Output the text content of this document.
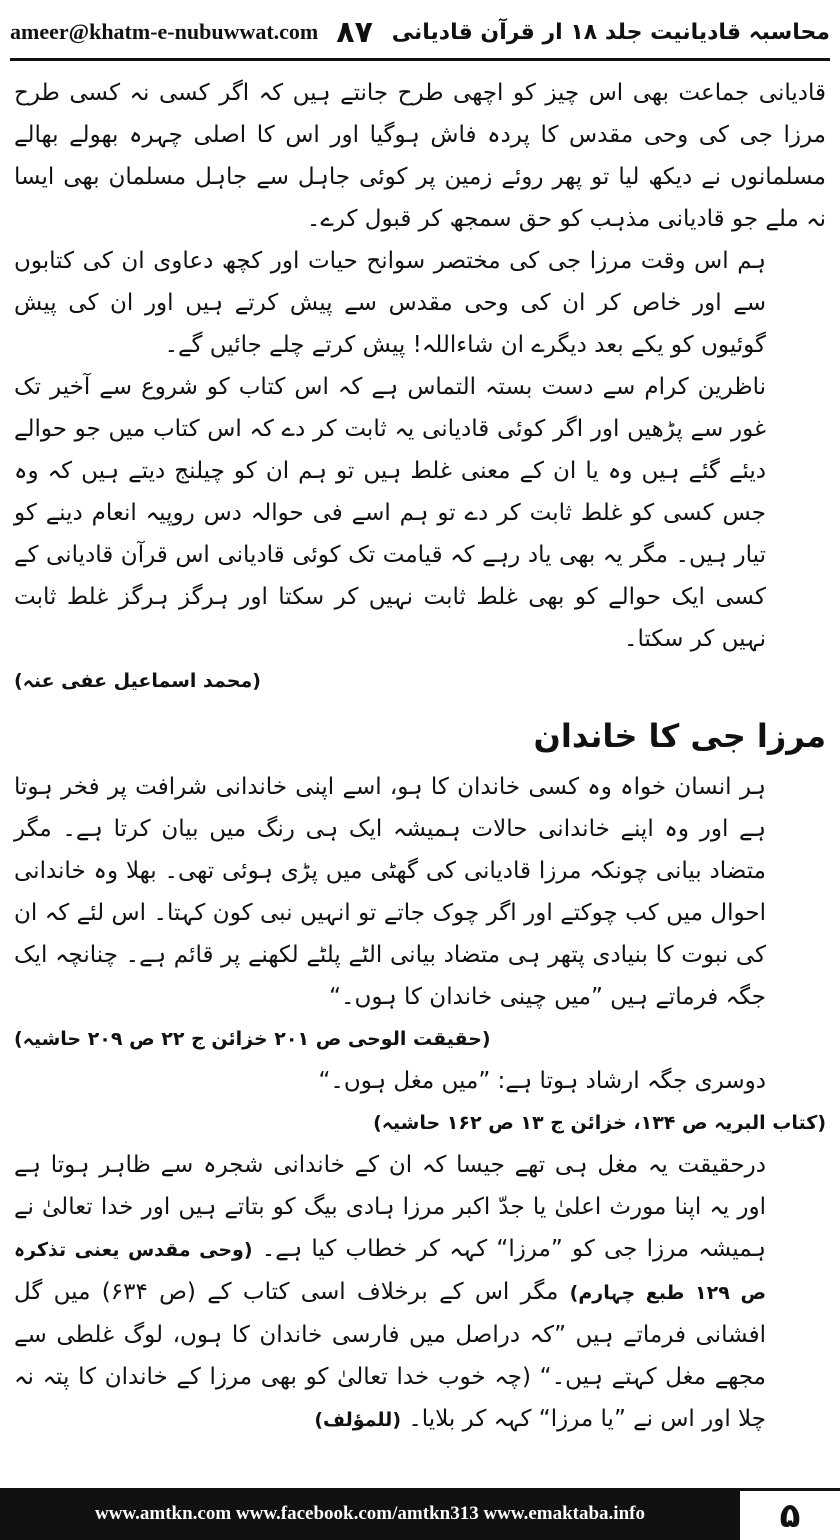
ameer@khatm-e-nubuwwat.com ۸۷ محاسبہ قادیانیت جلد ۱۸ ار قرآن قادیانی

قادیانی جماعت بھی اس چیز کو اچھی طرح جانتے ہیں کہ اگر کسی نہ کسی طرح مرزا جی کی وحی مقدس کا پردہ فاش ہوگیا اور اس کا اصلی چہرہ بھولے بھالے مسلمانوں نے دیکھ لیا تو پھر روئے زمین پر کوئی جاہل سے جاہل مسلمان بھی ایسا نہ ملے جو قادیانی مذہب کو حق سمجھ کر قبول کرے۔

ہم اس وقت مرزا جی کی مختصر سوانح حیات اور کچھ دعاوی ان کی کتابوں سے اور خاص کر ان کی وحی مقدس سے پیش کرتے ہیں اور ان کی پیش گوئیوں کو یکے بعد دیگرے ان شاءاللہ! پیش کرتے چلے جائیں گے۔

ناظرین کرام سے دست بستہ التماس ہے کہ اس کتاب کو شروع سے آخیر تک غور سے پڑھیں اور اگر کوئی قادیانی یہ ثابت کر دے کہ اس کتاب میں جو حوالے دیئے گئے ہیں وہ یا ان کے معنی غلط ہیں تو ہم ان کو چیلنج دیتے ہیں کہ وہ جس کسی کو غلط ثابت کر دے تو ہم اسے فی حوالہ دس روپیہ انعام دینے کو تیار ہیں۔ مگر یہ بھی یاد رہے کہ قیامت تک کوئی قادیانی اس قرآن قادیانی کے کسی ایک حوالے کو بھی غلط ثابت نہیں کر سکتا اور ہرگز ہرگز غلط ثابت نہیں کر سکتا۔

(محمد اسماعیل عفی عنہ)
مرزا جی کا خاندان

ہر انسان خواہ وہ کسی خاندان کا ہو، اسے اپنی خاندانی شرافت پر فخر ہوتا ہے اور وہ اپنے خاندانی حالات ہمیشہ ایک ہی رنگ میں بیان کرتا ہے۔ مگر متضاد بیانی چونکہ مرزا قادیانی کی گھٹی میں پڑی ہوئی تھی۔ بھلا وہ خاندانی احوال میں کب چوکتے اور اگر چوک جاتے تو انہیں نبی کون کہتا۔ اس لئے کہ ان کی نبوت کا بنیادی پتھر ہی متضاد بیانی الٹے پلٹے لکھنے پر قائم ہے۔ چنانچہ ایک جگہ فرماتے ہیں ”میں چینی خاندان کا ہوں۔“

(حقیقت الوحی ص ۲۰۱ خزائن ج ۲۲ ص ۲۰۹ حاشیہ)

دوسری جگہ ارشاد ہوتا ہے: ”میں مغل ہوں۔“

(کتاب البریہ ص ۱۳۴، خزائن ج ۱۳ ص ۱۶۲ حاشیہ)

درحقیقت یہ مغل ہی تھے جیسا کہ ان کے خاندانی شجرہ سے ظاہر ہوتا ہے اور یہ اپنا مورث اعلیٰ یا جدّ اکبر مرزا ہادی بیگ کو بتاتے ہیں اور خدا تعالیٰ نے ہمیشہ مرزا جی کو ”مرزا“ کہہ کر خطاب کیا ہے۔ (وحی مقدس یعنی تذکرہ ص ۱۲۹ طبع چہارم) مگر اس کے برخلاف اسی کتاب کے (ص ۶۳۴) میں گل افشانی فرماتے ہیں ”کہ دراصل میں فارسی خاندان کا ہوں، لوگ غلطی سے مجھے مغل کہتے ہیں۔“ (چہ خوب خدا تعالیٰ کو بھی مرزا کے خاندان کا پتہ نہ چلا اور اس نے ”یا مرزا“ کہہ کر بلایا۔ (للمؤلف)

www.amtkn.com www.facebook.com/amtkn313 www.emaktaba.info	۵
